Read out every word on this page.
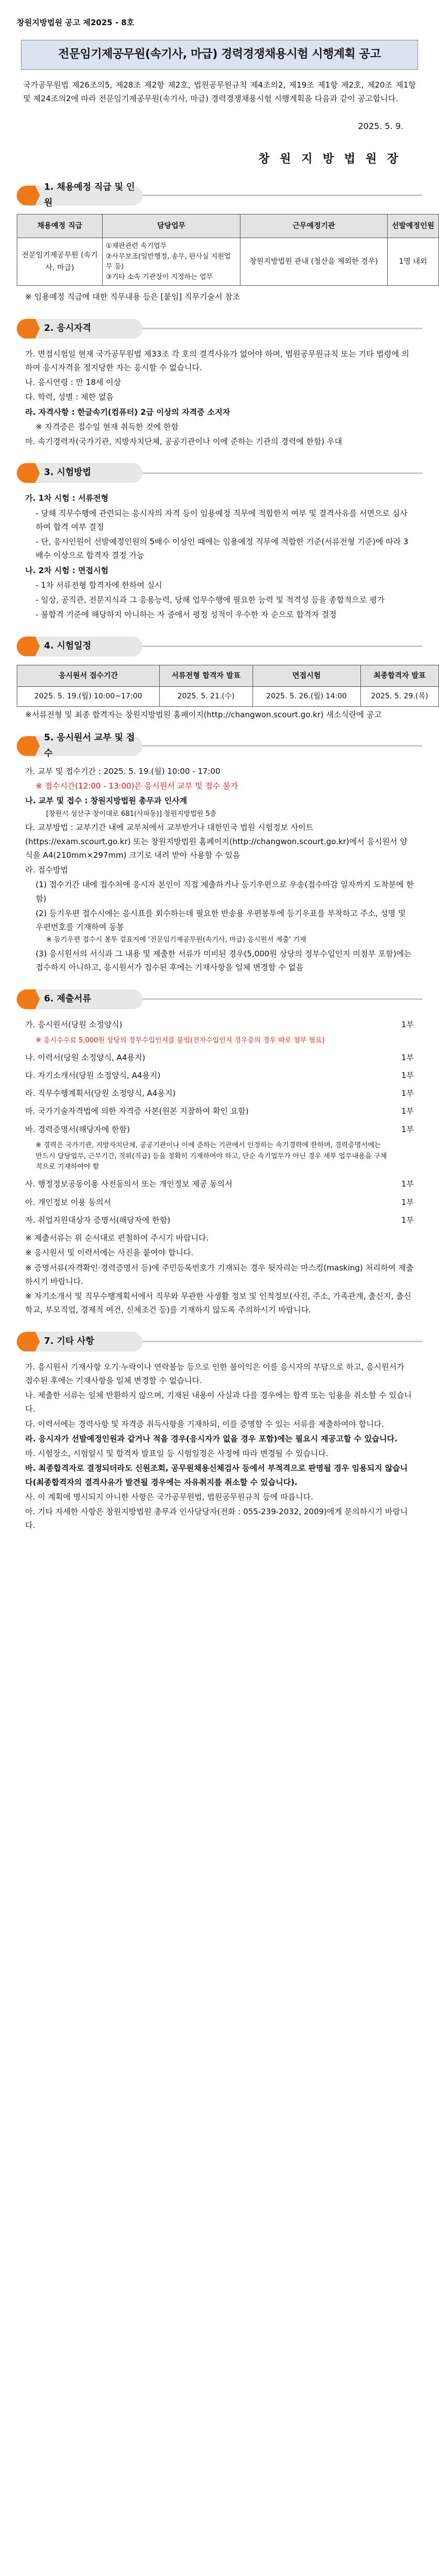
창원지방법원 공고 제2025 - 8호
전문임기제공무원(속기사, 마급) 경력경쟁채용시험 시행계획 공고
국가공무원법 제26조의5, 제28조 제2항 제2호, 법원공무원규칙 제4조의2, 제19조 제1항 제2호, 제20조 제1항 및 제24조의2에 따라 전문임기제공무원(속기사, 마급) 경력경쟁채용시험 시행계획을 다음과 같이 공고합니다.
2025. 5. 9.
창 원 지 방 법 원 장
1. 채용예정 직급 및 인원
채용예정 직급	담당업무	근무예정기관	선발예정인원
전문임기제공무원 (속기사, 마급)	①재판관련 속기업무
②사무보조(일반행정, 송무, 판사실 지원업무 등)
③기타 소속 기관장이 지정하는 업무	창원지방법원 관내 (청산을 제외한 경우)	1명 내외
※ 임용예정 직급에 대한 직무내용 등은 [붙임] 직무기술서 참조
2. 응시자격

가. 면접시험일 현재 국가공무원법 제33조 각 호의 결격사유가 없어야 하며, 법원공무원규칙 또는 기타 법령에 의하여 응시자격을 정지당한 자는 응시할 수 없습니다.

나. 응시연령 : 만 18세 이상

다. 학력, 성별 : 제한 없음

라. 자격사항 : 한글속기(컴퓨터) 2급 이상의 자격증 소지자

※ 자격증은 접수일 현재 취득한 것에 한함

마. 속기경력자(국가기관, 지방자치단체, 공공기관이나 이에 준하는 기관의 경력에 한함) 우대

3. 시험방법

가. 1차 시험 : 서류전형

- 당해 직무수행에 관련되는 응시자의 자격 등이 임용예정 직무에 적합한지 여부 및 결격사유를 서면으로 심사하여 합격 여부 결정

- 단, 응시인원이 선발예정인원의 5배수 이상인 때에는 임용예정 직무에 적합한 기준(서류전형 기준)에 따라 3배수 이상으로 합격자 결정 가능

나. 2차 시험 : 면접시험

- 1차 서류전형 합격자에 한하여 실시

- 임상, 공직관, 전문지식과 그 응용능력, 당해 업무수행에 필요한 능력 및 적격성 등을 종합적으로 평가

- 불합격 기준에 해당하지 아니하는 자 중에서 평정 성적이 우수한 자 순으로 합격자 결정

4. 시험일정
응시원서 접수기간	서류전형 합격자 발표	면접시험	최종합격자 발표
2025. 5. 19.(월) 10:00~17:00	2025. 5. 21.(수)	2025. 5. 26.(월) 14:00	2025. 5. 29.(목)
※서류전형 및 최종 합격자는 창원지방법원 홈페이지(http://changwon.scourt.go.kr) 새소식란에 공고
5. 응시원서 교부 및 접수

가. 교부 및 접수기간 : 2025. 5. 19.(월) 10:00 - 17:00

※ 접수시간(12:00 - 13:00)은 응시원서 교부 및 접수 불가

나. 교부 및 접수 : 창원지방법원 총무과 인사계

[창원시 성산구 창이대로 681(사파동)] 창원지방법원 5층

다. 교부방법 : 교부기간 내에 교부처에서 교부받거나 대한민국 법원 시험정보 사이트(https://exam.scourt.go.kr) 또는 창원지방법원 홈페이지(http://changwon.scourt.go.kr)에서 응시원서 양식을 A4(210mm×297mm) 크기로 내려 받아 사용할 수 있음

라. 접수방법

(1) 접수기간 내에 접수처에 응시자 본인이 직접 제출하거나 등기우편으로 우송(접수마감 일자까지 도착분에 한함)

(2) 등기우편 접수시에는 응시표를 회수하는데 필요한 반송용 우편봉투에 등기우표를 부착하고 주소, 성명 및 우편번호를 기재하여 동봉

※ 등기우편 접수시 봉투 겉표지에 '전문임기제공무원(속기사, 마급) 응시원서 제출' 기재

(3) 응시원서의 서식과 그 내용 및 제출한 서류가 미비된 경우(5,000원 상당의 정부수입인지 미첨부 포함)에는 접수하지 아니하고, 응시원서가 접수된 후에는 기재사항을 일체 변경할 수 없음

6. 제출서류
가. 응시원서(당원 소정양식)	1부
※ 응시수수료 5,000원 상당의 정부수입인지를 붙임(전자수입인지 경우증의 경우 따로 첨부 필요)
나. 이력서(당원 소정양식, A4용지)	1부
다. 자기소개서(당원 소정양식, A4용지)	1부
라. 직무수행계획서(당원 소정양식, A4용지)	1부
마. 국가기술자격법에 의한 자격증 사본(원본 지참하여 확인 요함)	1부
바. 경력증명서(해당자에 한함)	1부
※ 경력은 국가기관, 지방자치단체, 공공기관이나 이에 준하는 기관에서 인정하는 속기경력에 한하며, 경력증명서에는 반드시 담당업무, 근무기간, 직위(직급) 등을 정확히 기재하여야 하고, 단순 속기업무가 아닌 경우 세부 업무내용을 구체적으로 기재하여야 함
사. 행정정보공동이용 사전동의서 또는 개인정보 제공 동의서	1부
아. 개인정보 이용 동의서	1부
자. 취업지원대상자 증명서(해당자에 한함)	1부

※ 제출서류는 위 순서대로 편철하여 주시기 바랍니다.

※ 응시원서 및 이력서에는 사진을 붙여야 합니다.

※ 증명서류(자격확인·경력증명서 등)에 주민등록번호가 기재되는 경우 뒷자리는 마스킹(masking) 처리하여 제출하시기 바랍니다.

※ 자기소개서 및 직무수행계획서에서 직무와 무관한 사생활 정보 및 인적정보(사진, 주소, 가족관계, 출신지, 출신학교, 부모직업, 경제적 여건, 신체조건 등)를 기재하지 않도록 주의하시기 바랍니다.

7. 기타 사항

가. 응시원서 기재사항 오기·누락이나 연락불능 등으로 인한 불이익은 이를 응시자의 부담으로 하고, 응시원서가 접수된 후에는 기재사항을 일체 변경할 수 없습니다.

나. 제출한 서류는 일체 반환하지 않으며, 기재된 내용이 사실과 다를 경우에는 합격 또는 임용을 취소할 수 있습니다.

다. 이력서에는 경력사항 및 자격증 취득사항을 기재하되, 이를 증명할 수 있는 서류를 제출하여야 합니다.

라. 응시자가 선발예정인원과 같거나 적을 경우(응시자가 없을 경우 포함)에는 필요시 재공고할 수 있습니다.

마. 시험장소, 시험일시 및 합격자 발표일 등 시험일정은 사정에 따라 변경될 수 있습니다.

바. 최종합격자로 결정되더라도 신원조회, 공무원채용신체검사 등에서 부적격으로 판명될 경우 임용되지 않습니다(최종합격자의 결격사유가 발견될 경우에는 자유취지를 취소할 수 있습니다).

사. 이 계획에 명시되지 아니한 사항은 국가공무원법, 법원공무원규칙 등에 따릅니다.

아. 기타 자세한 사항은 창원지방법원 총무과 인사담당자(전화 : 055-239-2032, 2009)에게 문의하시기 바랍니다.
